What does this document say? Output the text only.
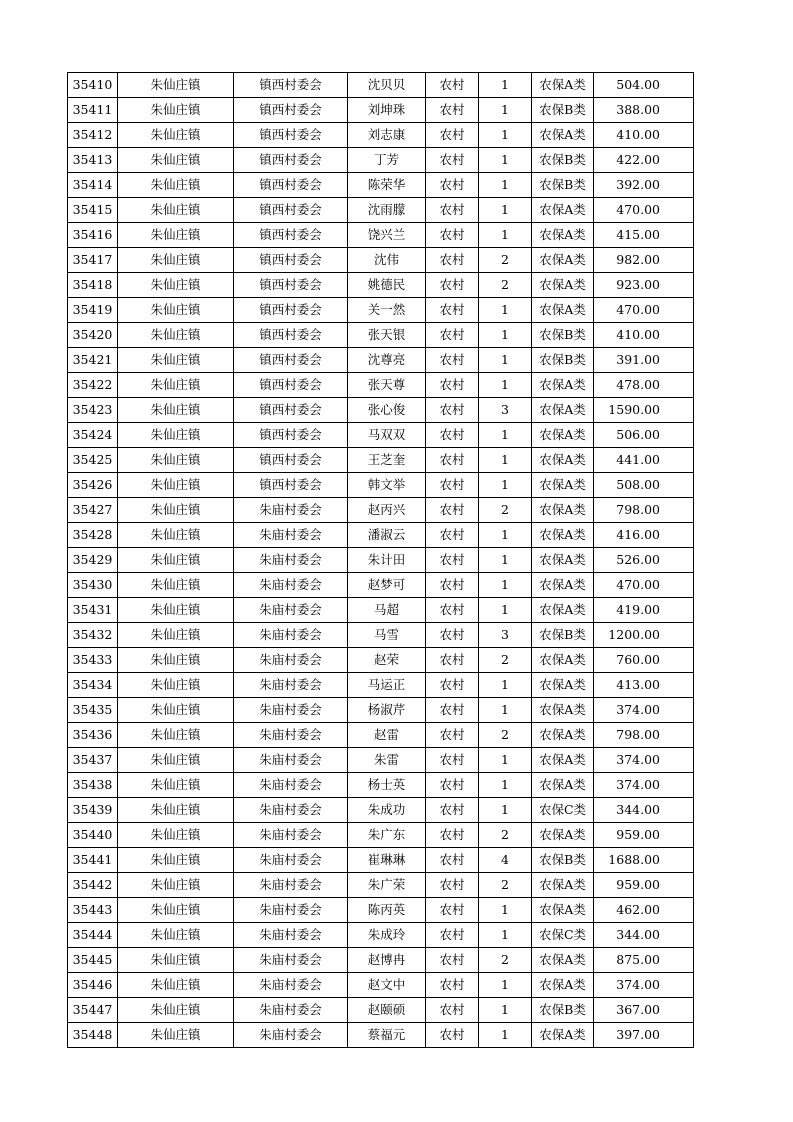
35410	朱仙庄镇	镇西村委会	沈贝贝	农村	1	农保A类	504.00
35411	朱仙庄镇	镇西村委会	刘坤珠	农村	1	农保B类	388.00
35412	朱仙庄镇	镇西村委会	刘志康	农村	1	农保A类	410.00
35413	朱仙庄镇	镇西村委会	丁芳	农村	1	农保B类	422.00
35414	朱仙庄镇	镇西村委会	陈荣华	农村	1	农保B类	392.00
35415	朱仙庄镇	镇西村委会	沈雨朦	农村	1	农保A类	470.00
35416	朱仙庄镇	镇西村委会	饶兴兰	农村	1	农保A类	415.00
35417	朱仙庄镇	镇西村委会	沈伟	农村	2	农保A类	982.00
35418	朱仙庄镇	镇西村委会	姚德民	农村	2	农保A类	923.00
35419	朱仙庄镇	镇西村委会	关一然	农村	1	农保A类	470.00
35420	朱仙庄镇	镇西村委会	张天银	农村	1	农保B类	410.00
35421	朱仙庄镇	镇西村委会	沈尊亮	农村	1	农保B类	391.00
35422	朱仙庄镇	镇西村委会	张天尊	农村	1	农保A类	478.00
35423	朱仙庄镇	镇西村委会	张心俊	农村	3	农保A类	1590.00
35424	朱仙庄镇	镇西村委会	马双双	农村	1	农保A类	506.00
35425	朱仙庄镇	镇西村委会	王芝奎	农村	1	农保A类	441.00
35426	朱仙庄镇	镇西村委会	韩文举	农村	1	农保A类	508.00
35427	朱仙庄镇	朱庙村委会	赵丙兴	农村	2	农保A类	798.00
35428	朱仙庄镇	朱庙村委会	潘淑云	农村	1	农保A类	416.00
35429	朱仙庄镇	朱庙村委会	朱计田	农村	1	农保A类	526.00
35430	朱仙庄镇	朱庙村委会	赵梦可	农村	1	农保A类	470.00
35431	朱仙庄镇	朱庙村委会	马超	农村	1	农保A类	419.00
35432	朱仙庄镇	朱庙村委会	马雪	农村	3	农保B类	1200.00
35433	朱仙庄镇	朱庙村委会	赵荣	农村	2	农保A类	760.00
35434	朱仙庄镇	朱庙村委会	马运正	农村	1	农保A类	413.00
35435	朱仙庄镇	朱庙村委会	杨淑芹	农村	1	农保A类	374.00
35436	朱仙庄镇	朱庙村委会	赵雷	农村	2	农保A类	798.00
35437	朱仙庄镇	朱庙村委会	朱雷	农村	1	农保A类	374.00
35438	朱仙庄镇	朱庙村委会	杨士英	农村	1	农保A类	374.00
35439	朱仙庄镇	朱庙村委会	朱成功	农村	1	农保C类	344.00
35440	朱仙庄镇	朱庙村委会	朱广东	农村	2	农保A类	959.00
35441	朱仙庄镇	朱庙村委会	崔琳琳	农村	4	农保B类	1688.00
35442	朱仙庄镇	朱庙村委会	朱广荣	农村	2	农保A类	959.00
35443	朱仙庄镇	朱庙村委会	陈丙英	农村	1	农保A类	462.00
35444	朱仙庄镇	朱庙村委会	朱成玲	农村	1	农保C类	344.00
35445	朱仙庄镇	朱庙村委会	赵博冉	农村	2	农保A类	875.00
35446	朱仙庄镇	朱庙村委会	赵文中	农村	1	农保A类	374.00
35447	朱仙庄镇	朱庙村委会	赵颐硕	农村	1	农保B类	367.00
35448	朱仙庄镇	朱庙村委会	蔡福元	农村	1	农保A类	397.00
